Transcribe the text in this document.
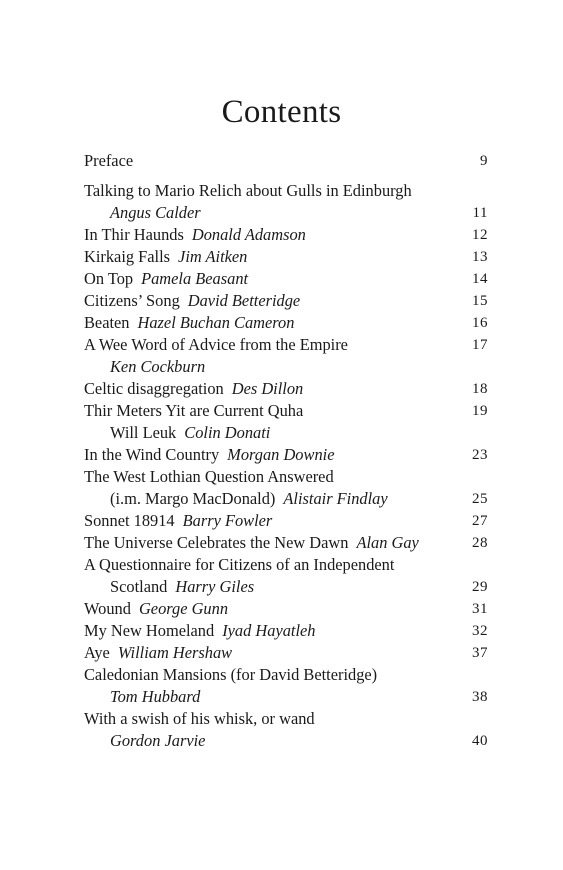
Contents
Preface	9
Talking to Mario Relich about Gulls in Edinburgh
Angus Calder	11
In Thir Haunds Donald Adamson	12
Kirkaig Falls Jim Aitken	13
On Top Pamela Beasant	14
Citizens’ Song David Betteridge	15
Beaten Hazel Buchan Cameron	16
A Wee Word of Advice from the Empire	17
Ken Cockburn
Celtic disaggregation Des Dillon	18
Thir Meters Yit are Current Quha	19
Will Leuk Colin Donati
In the Wind Country Morgan Downie	23
The West Lothian Question Answered
(i.m. Margo MacDonald) Alistair Findlay	25
Sonnet 18914 Barry Fowler	27
The Universe Celebrates the New Dawn Alan Gay	28
A Questionnaire for Citizens of an Independent
Scotland Harry Giles	29
Wound George Gunn	31
My New Homeland Iyad Hayatleh	32
Aye William Hershaw	37
Caledonian Mansions (for David Betteridge)
Tom Hubbard	38
With a swish of his whisk, or wand
Gordon Jarvie	40
